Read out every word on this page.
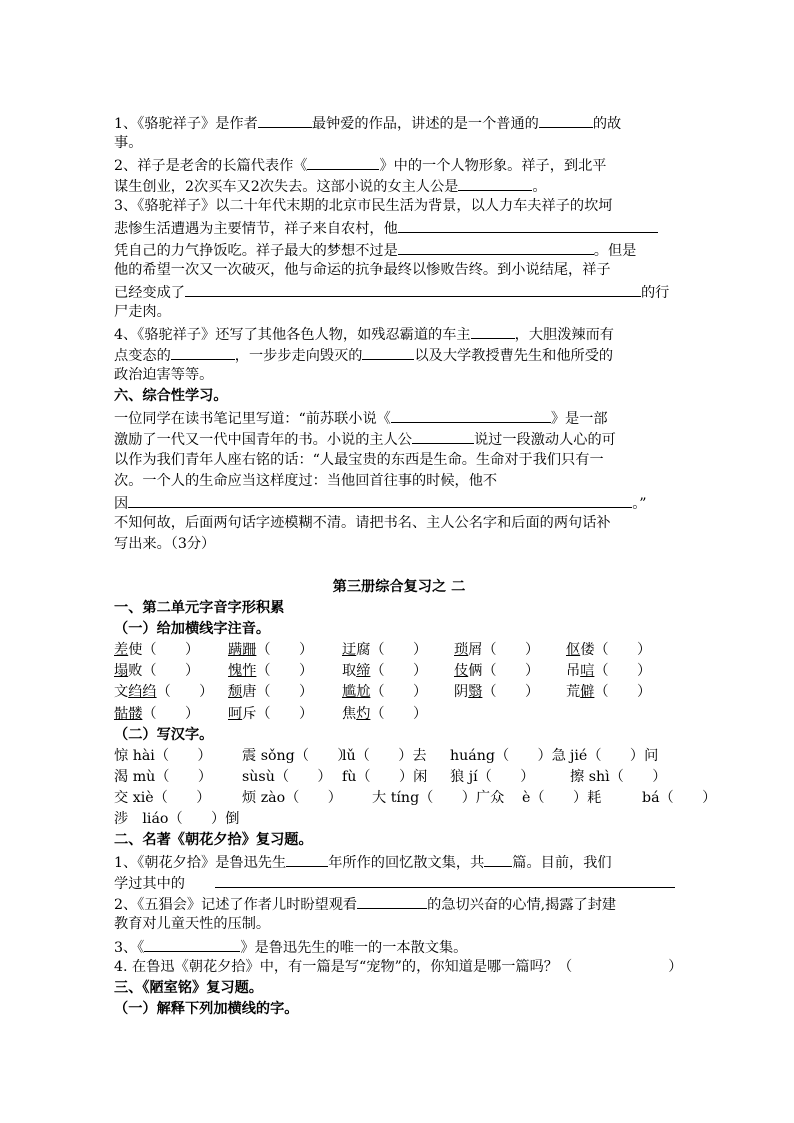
1、《骆驼祥子》是作者	最钟爱的作品，讲述的是一个普通的	的故
事。
2、祥子是老舍的长篇代表作《	》中的一个人物形象。祥子，到北平
谋生创业，2次买车又2次失去。这部小说的女主人公是	。
3、《骆驼祥子》以二十年代末期的北京市民生活为背景，以人力车夫祥子的坎坷
悲惨生活遭遇为主要情节，祥子来自农村，他
凭自己的力气挣饭吃。祥子最大的梦想不过是	。但是
他的希望一次又一次破灭，他与命运的抗争最终以惨败告终。到小说结尾，祥子
已经变成了	的行
尸走肉。
4、《骆驼祥子》还写了其他各色人物，如残忍霸道的车主	，大胆泼辣而有
点变态的	，一步步走向毁灭的	以及大学教授曹先生和他所受的
政治迫害等等。
六、综合性学习。
一位同学在读书笔记里写道：“前苏联小说《	》是一部
激励了一代又一代中国青年的书。小说的主人公	说过一段激动人心的可
以作为我们青年人座右铭的话：“人最宝贵的东西是生命。生命对于我们只有一
次。一个人的生命应当这样度过：当他回首往事的时候，他不
因	。”
不知何故，后面两句话字迹模糊不清。请把书名、主人公名字和后面的两句话补
写出来。（3分）
第三册综合复习之 二
一、第二单元字音字形积累
（一）给加横线字注音。
差使（　　） 蹒跚（　　） 迂腐（　　） 琐屑（　　） 伛偻（　　）
塌败（　　） 愧怍（　　） 取缔（　　） 伎俩（　　） 吊唁（　　）
文绉绉（　　） 颓唐（　　） 尴尬（　　） 阴翳（　　） 荒僻（　　）
骷髅（　　） 呵斥（　　） 焦灼（　　）
（二）写汉字。
惊 hài（　　） 震 sǒng（　　）lǔ（　　）去 huáng（　　）急 jié（　　）问
渴 mù（　　） sùsù（　　） fù（　　）闲 狼 jí（　　）	擦 shì（　　）
交 xiè（　　） 烦 zào（　　） 大 tíng（　　）广众 è（　　）耗	bá（　　）
涉　liáo（　　）倒
二、名著《朝花夕拾》复习题。
1、《朝花夕拾》是鲁迅先生	年所作的回忆散文集，共 篇。目前，我们
学过其中的
2、《五猖会》记述了作者儿时盼望观看	的急切兴奋的心情,揭露了封建
教育对儿童天性的压制。
3、《	》是鲁迅先生的唯一的一本散文集。
4. 在鲁迅《朝花夕拾》中，有一篇是写“宠物”的，你知道是哪一篇吗？（	）
三、《陋室铭》复习题。
（一）解释下列加横线的字。
